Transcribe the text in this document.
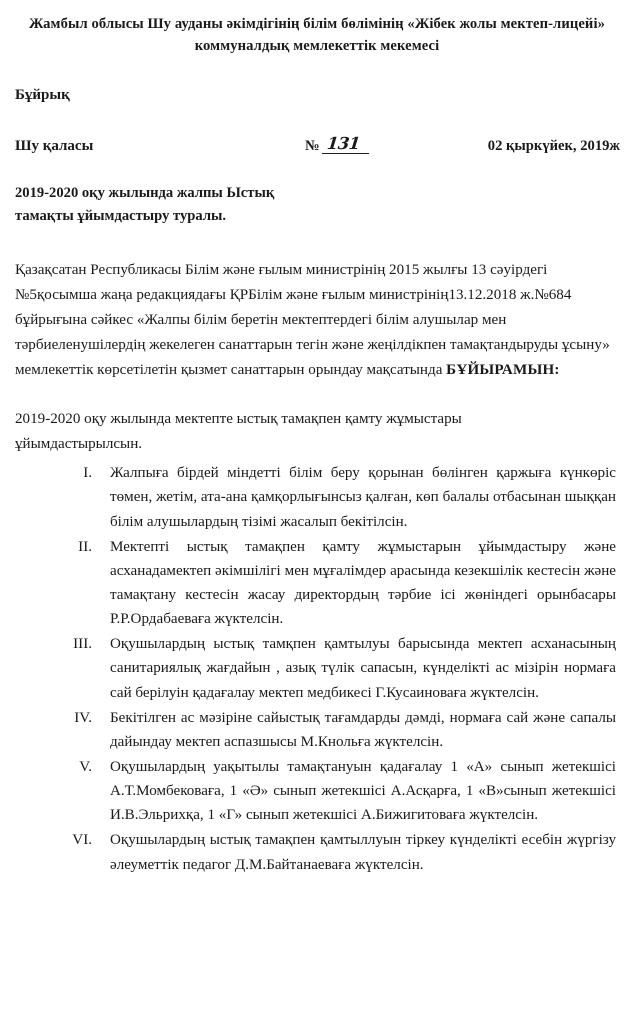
Жамбыл облысы Шу ауданы әкімдігінің білім бөлімінің «Жібек жолы мектеп-лицейі» коммуналдық мемлекеттік мекемесі
Бұйрық
Шу қаласы	№ 131	02 қыркүйек, 2019ж
2019-2020 оқу жылында жалпы Ыстық тамақты ұйымдастыру туралы.
Қазақсатан Республикасы Білім және ғылым министрінің 2015 жылғы 13 сәуірдегі №5қосымша жаңа редакциядағы ҚРБілім және ғылым министрінің13.12.2018 ж.№684 бұйрығына сәйкес «Жалпы білім беретін мектептердегі білім алушылар мен тәрбиеленушілердің жекелеген санаттарын тегін және жеңілдікпен тамақтандыруды ұсыну» мемлекеттік көрсетілетін қызмет санаттарын орындау мақсатында БҰЙЫРАМЫН:
2019-2020 оқу жылында мектепте ыстық тамақпен қамту жұмыстары ұйымдастырылсын.
I. Жалпыға бірдей міндетті білім беру қорынан бөлінген қаржыға күнкөріс төмен, жетім, ата-ана қамқорлығынсыз қалған, көп балалы отбасынан шыққан білім алушылардың тізімі жасалып бекітілсін.
II. Мектепті ыстық тамақпен қамту жұмыстарын ұйымдастыру және асханадамектеп әкімшілігі мен мұғалімдер арасында кезекшілік кестесін және тамақтану кестесін жасау директордың тәрбие ісі жөніндегі орынбасары Р.Р.Ордабаеваға жүктелсін.
III. Оқушылардың ыстық тамқпен қамтылуы барысында мектеп асханасының санитариялық жағдайын , азық түлік сапасын, күнделікті ас мізірін нормаға сай берілуін қадағалау мектеп медбикесі Г.Кусаиноваға жүктелсін.
IV. Бекітілген ас мәзіріне сайыстық тағамдарды дәмді, нормаға сай және сапалы дайындау мектеп аспазшысы М.Кнольға жүктелсін.
V. Оқушылардың уақытылы тамақтануын қадағалау 1 «А» сынып жетекшісі А.Т.Момбековаға, 1 «Ә» сынып жетекшісі А.Асқарға, 1 «В»сынып жетекшісі И.В.Эльрихқа, 1 «Г» сынып жетекшісі А.Бижигитоваға жүктелсін.
VI. Оқушылардың ыстық тамақпен қамтыллуын тіркеу күнделікті есебін жүргізу әлеуметтік педагог Д.М.Байтанаеваға жүктелсін.
